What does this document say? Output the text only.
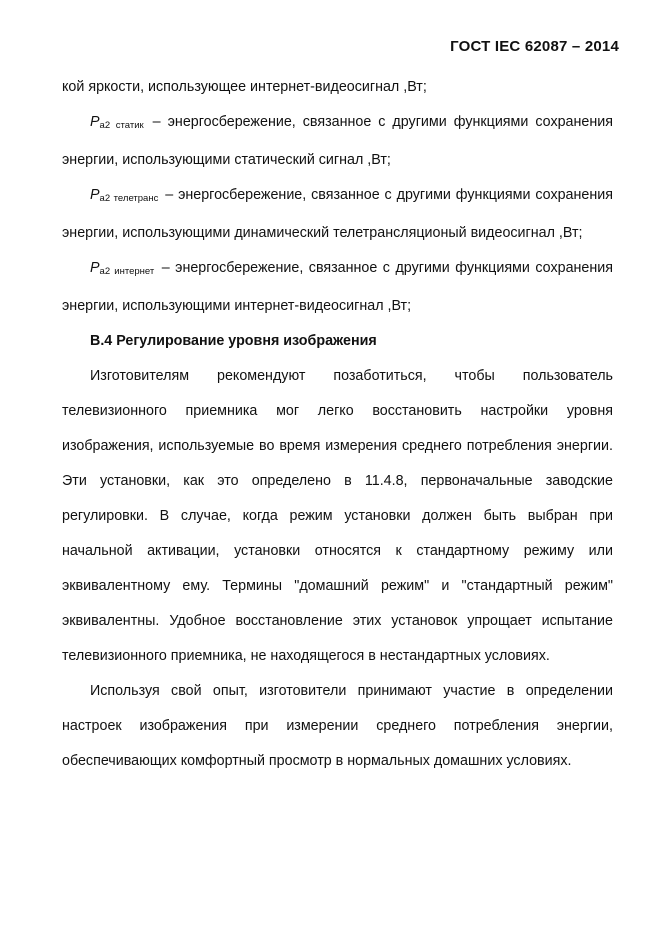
ГОСТ IEC 62087 – 2014

кой яркости, использующее интернет-видеосигнал ,Вт;

$P_{a2 статик}$ – энергосбережение, связанное с другими функциями сохранения энергии, использующими статический сигнал ,Вт;

$P_{a2 телетранс}$ – энергосбережение, связанное с другими функциями сохранения энергии, использующими динамический телетрансляционый видеосигнал ,Вт;

$P_{a2 интернет}$ – энергосбережение, связанное с другими функциями сохранения энергии, использующими интернет-видеосигнал ,Вт;

B.4 Регулирование уровня изображения

Изготовителям рекомендуют позаботиться, чтобы пользователь телевизионного приемника мог легко восстановить настройки уровня изображения, используемые во время измерения среднего потребления энергии. Эти установки, как это определено в 11.4.8, первоначальные заводские регулировки. В случае, когда режим установки должен быть выбран при начальной активации, установки относятся к стандартному режиму или эквивалентному ему. Термины "домашний режим" и "стандартный режим" эквивалентны. Удобное восстановление этих установок упрощает испытание телевизионного приемника, не находящегося в нестандартных условиях.

Используя свой опыт, изготовители принимают участие в определении настроек изображения при измерении среднего потребления энергии, обеспечивающих комфортный просмотр в нормальных домашних условиях.
